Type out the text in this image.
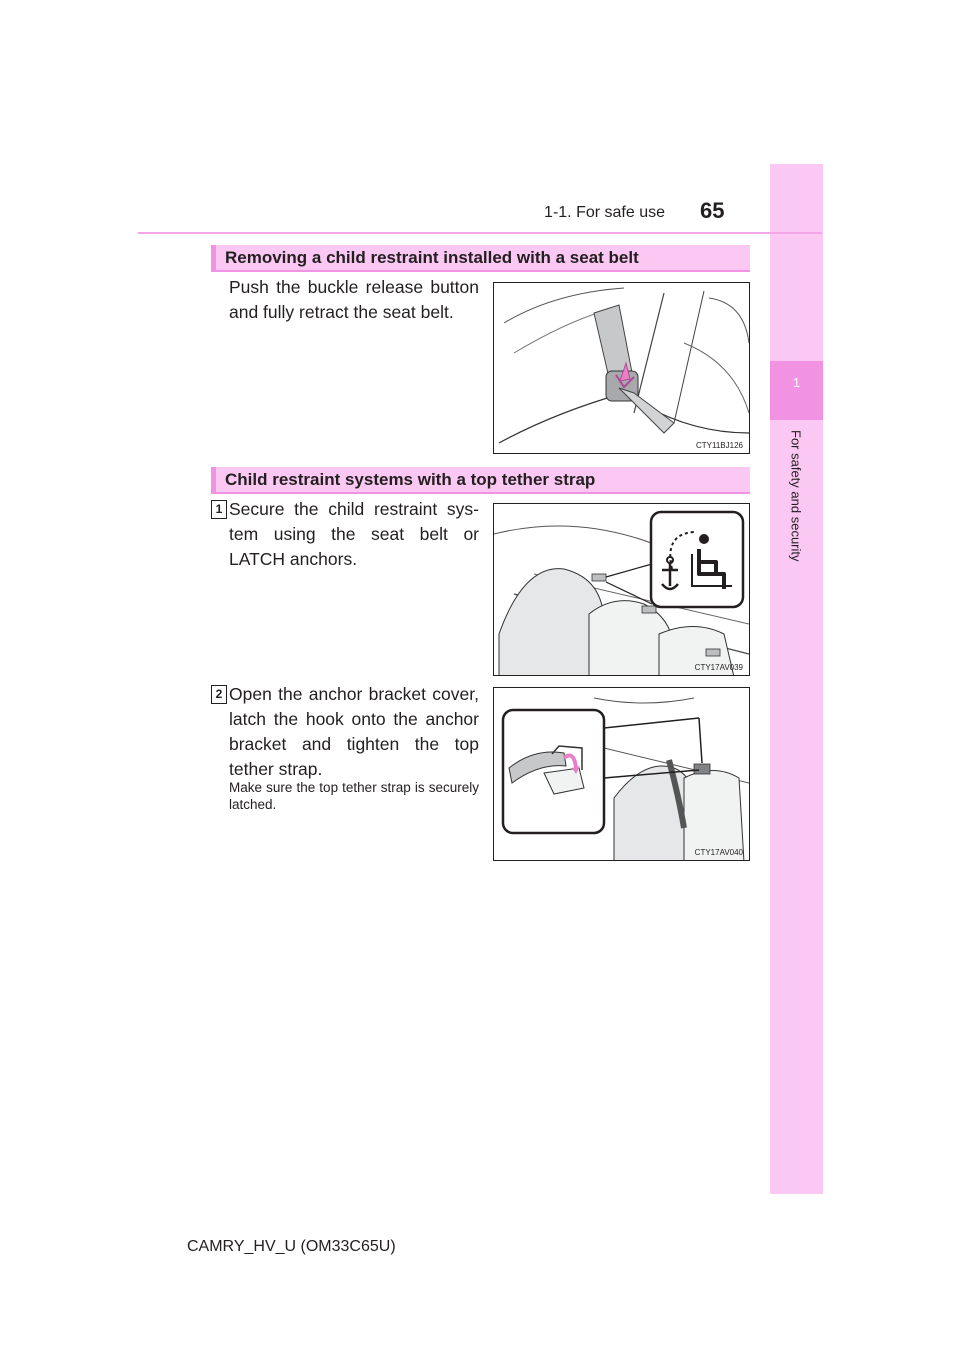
1
For safety and security
1-1. For safe use 65
Removing a child restraint installed with a seat belt
Push the buckle release button and fully retract the seat belt.
CTY11BJ126
Child restraint systems with a top tether strap
1 Secure the child restraint sys-tem using the seat belt or LATCH anchors.
CTY17AV039
2 Open the anchor bracket cover, latch the hook onto the anchor bracket and tighten the top tether strap.
Make sure the top tether strap is securely latched.
CTY17AV040
CAMRY_HV_U (OM33C65U)
